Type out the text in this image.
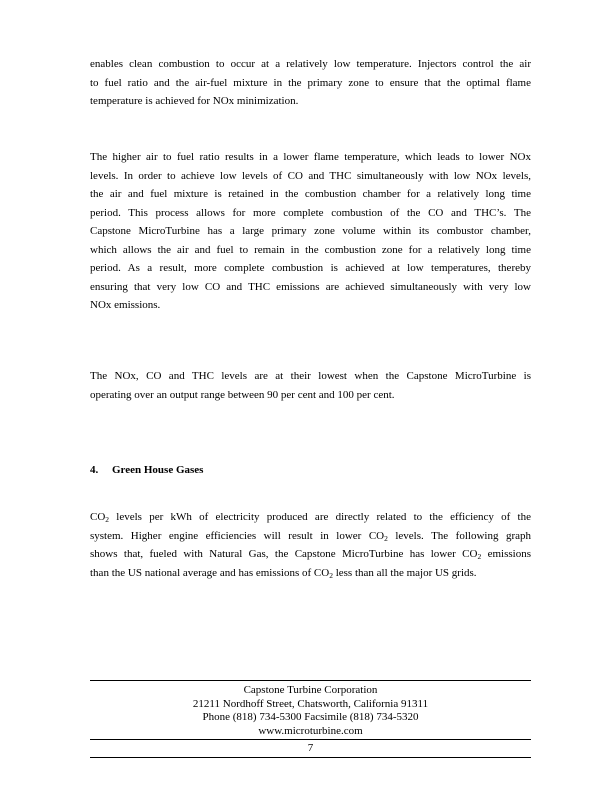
enables clean combustion to occur at a relatively low temperature. Injectors control the air
to fuel ratio and the air-fuel mixture in the primary zone to ensure that the optimal flame
temperature is achieved for NOx minimization.

The higher air to fuel ratio results in a lower flame temperature, which leads to lower NOx
levels. In order to achieve low levels of CO and THC simultaneously with low NOx levels,
the air and fuel mixture is retained in the combustion chamber for a relatively long time
period. This process allows for more complete combustion of the CO and THC’s. The
Capstone MicroTurbine has a large primary zone volume within its combustor chamber,
which allows the air and fuel to remain in the combustion zone for a relatively long time
period. As a result, more complete combustion is achieved at low temperatures, thereby
ensuring that very low CO and THC emissions are achieved simultaneously with very low
NOx emissions.

The NOx, CO and THC levels are at their lowest when the Capstone MicroTurbine is
operating over an output range between 90 per cent and 100 per cent.

4. Green House Gases

$CO_2$ levels per kWh of electricity produced are directly related to the efficiency of the
system. Higher engine efficiencies will result in lower $CO_2$ levels. The following graph
shows that, fueled with Natural Gas, the Capstone MicroTurbine has lower $CO_2$ emissions
than the US national average and has emissions of $CO_2$ less than all the major US grids.

Capstone Turbine Corporation
21211 Nordhoff Street, Chatsworth, California 91311
Phone (818) 734-5300 Facsimile (818) 734-5320
www.microturbine.com
7
